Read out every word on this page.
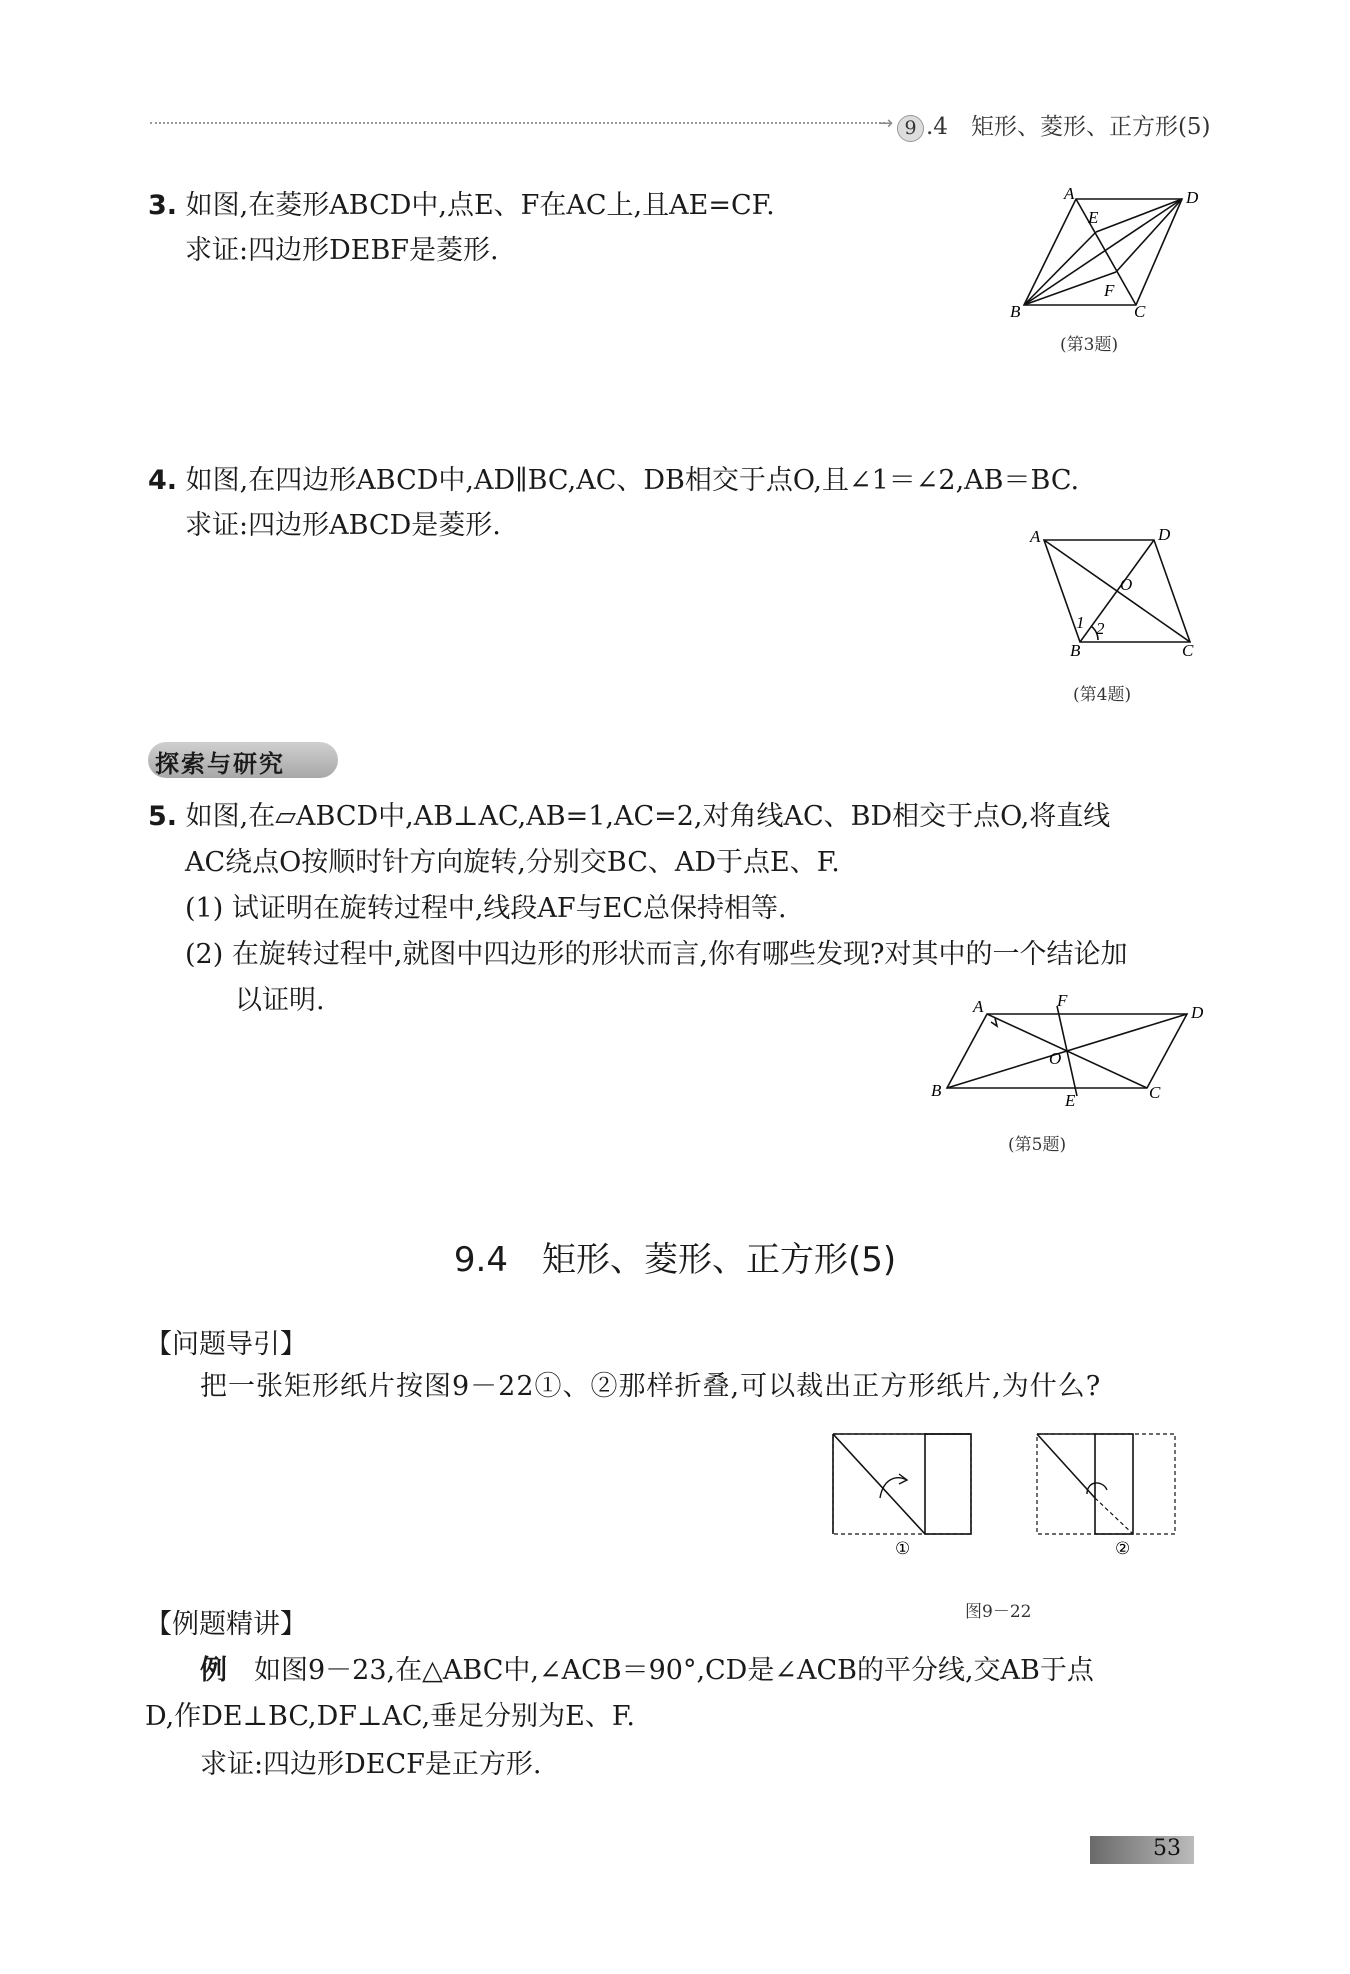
→ 9 .4　矩形、菱形、正方形(5)
3. 如图,在菱形ABCD中,点E、F在AC上,且AE=CF.
求证:四边形DEBF是菱形.
A	D
E
F
B	C
(第3题)
4. 如图,在四边形ABCD中,AD∥BC,AC、DB相交于点O,且∠1＝∠2,AB＝BC.
求证:四边形ABCD是菱形.	A	D
O
1 2
B	C
(第4题)
探索与研究
5. 如图,在▱ABCD中,AB⊥AC,AB=1,AC=2,对角线AC、BD相交于点O,将直线
AC绕点O按顺时针方向旋转,分别交BC、AD于点E、F.
(1) 试证明在旋转过程中,线段AF与EC总保持相等.
(2) 在旋转过程中,就图中四边形的形状而言,你有哪些发现?对其中的一个结论加
以证明.	A	F
D
O
B
E	C
(第5题)
9.4　矩形、菱形、正方形(5)
【问题导引】
把一张矩形纸片按图9－22①、②那样折叠,可以裁出正方形纸片,为什么?
①	②
图9－22
【例题精讲】
例　 如图9－23,在△ABC中,∠ACB＝90°,CD是∠ACB的平分线,交AB于点
D,作DE⊥BC,DF⊥AC,垂足分别为E、F.
求证:四边形DECF是正方形.
53
